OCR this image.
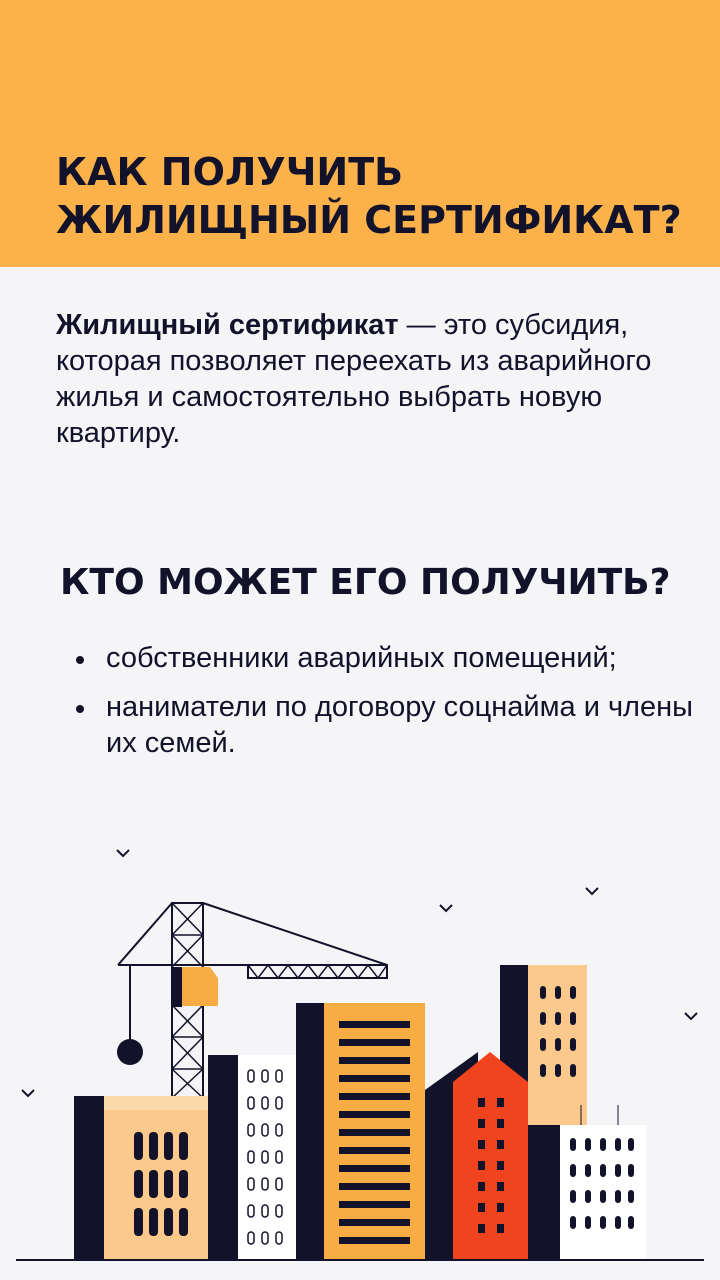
КАК ПОЛУЧИТЬ ЖИЛИЩНЫЙ СЕРТИФИКАТ?

Жилищный сертификат — это субсидия, которая позволяет переехать из аварийного жилья и самостоятельно выбрать новую квартиру.

КТО МОЖЕТ ЕГО ПОЛУЧИТЬ?
собственники аварийных помещений;
наниматели по договору соцнайма и члены их семей.
